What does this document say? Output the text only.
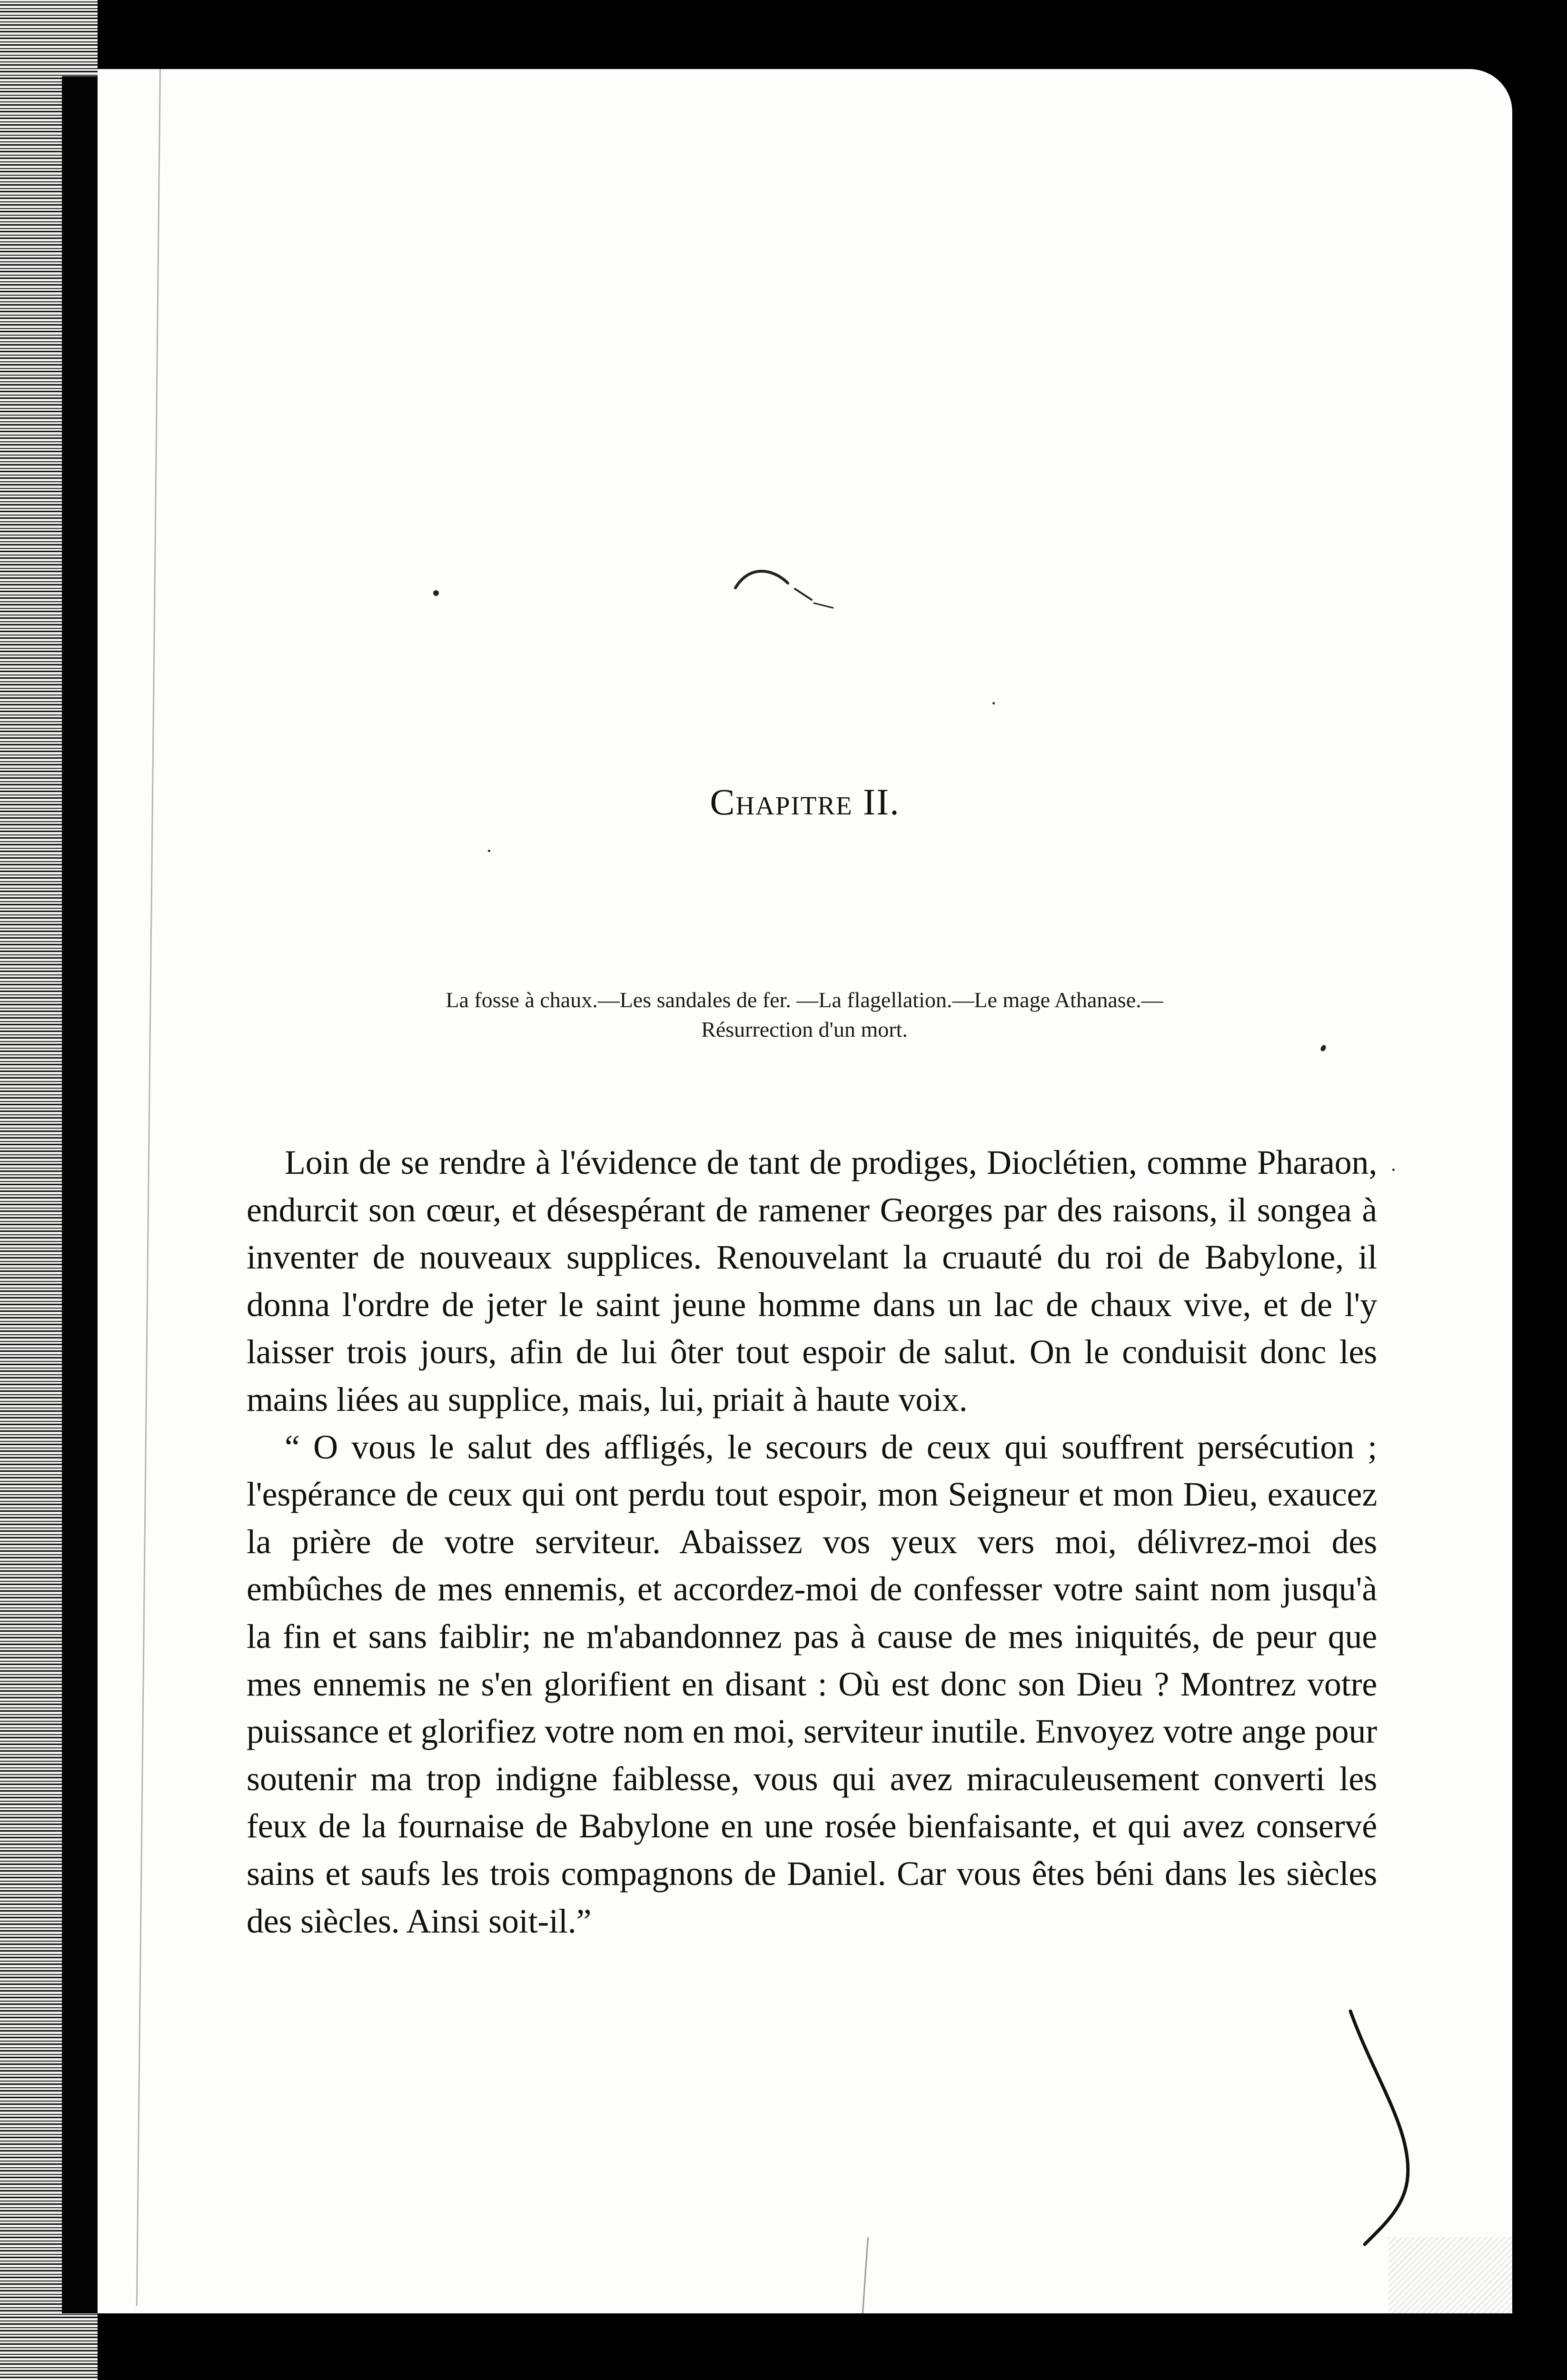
Chapitre II.
La fosse à chaux.—Les sandales de fer. —La flagellation.—Le mage Athanase.—
Résurrection d'un mort.

Loin de se rendre à l'évidence de tant de prodiges, Dioclétien, comme Pharaon, endurcit son cœur, et désespérant de ramener Georges par des raisons, il songea à inventer de nouveaux supplices. Renouvelant la cruauté du roi de Babylone, il donna l'ordre de jeter le saint jeune homme dans un lac de chaux vive, et de l'y laisser trois jours, afin de lui ôter tout espoir de salut. On le conduisit donc les mains liées au supplice, mais, lui, priait à haute voix.

“ O vous le salut des affligés, le secours de ceux qui souffrent persécution ; l'espérance de ceux qui ont perdu tout espoir, mon Seigneur et mon Dieu, exaucez la prière de votre serviteur. Abaissez vos yeux vers moi, délivrez-moi des embûches de mes ennemis, et accordez-moi de confesser votre saint nom jusqu'à la fin et sans faiblir; ne m'abandonnez pas à cause de mes iniquités, de peur que mes ennemis ne s'en glorifient en disant : Où est donc son Dieu ? Montrez votre puissance et glorifiez votre nom en moi, serviteur inutile. Envoyez votre ange pour soutenir ma trop indigne faiblesse, vous qui avez miraculeusement converti les feux de la fournaise de Babylone en une rosée bienfaisante, et qui avez conservé sains et saufs les trois compagnons de Daniel. Car vous êtes béni dans les siècles des siècles. Ainsi soit-il.”
